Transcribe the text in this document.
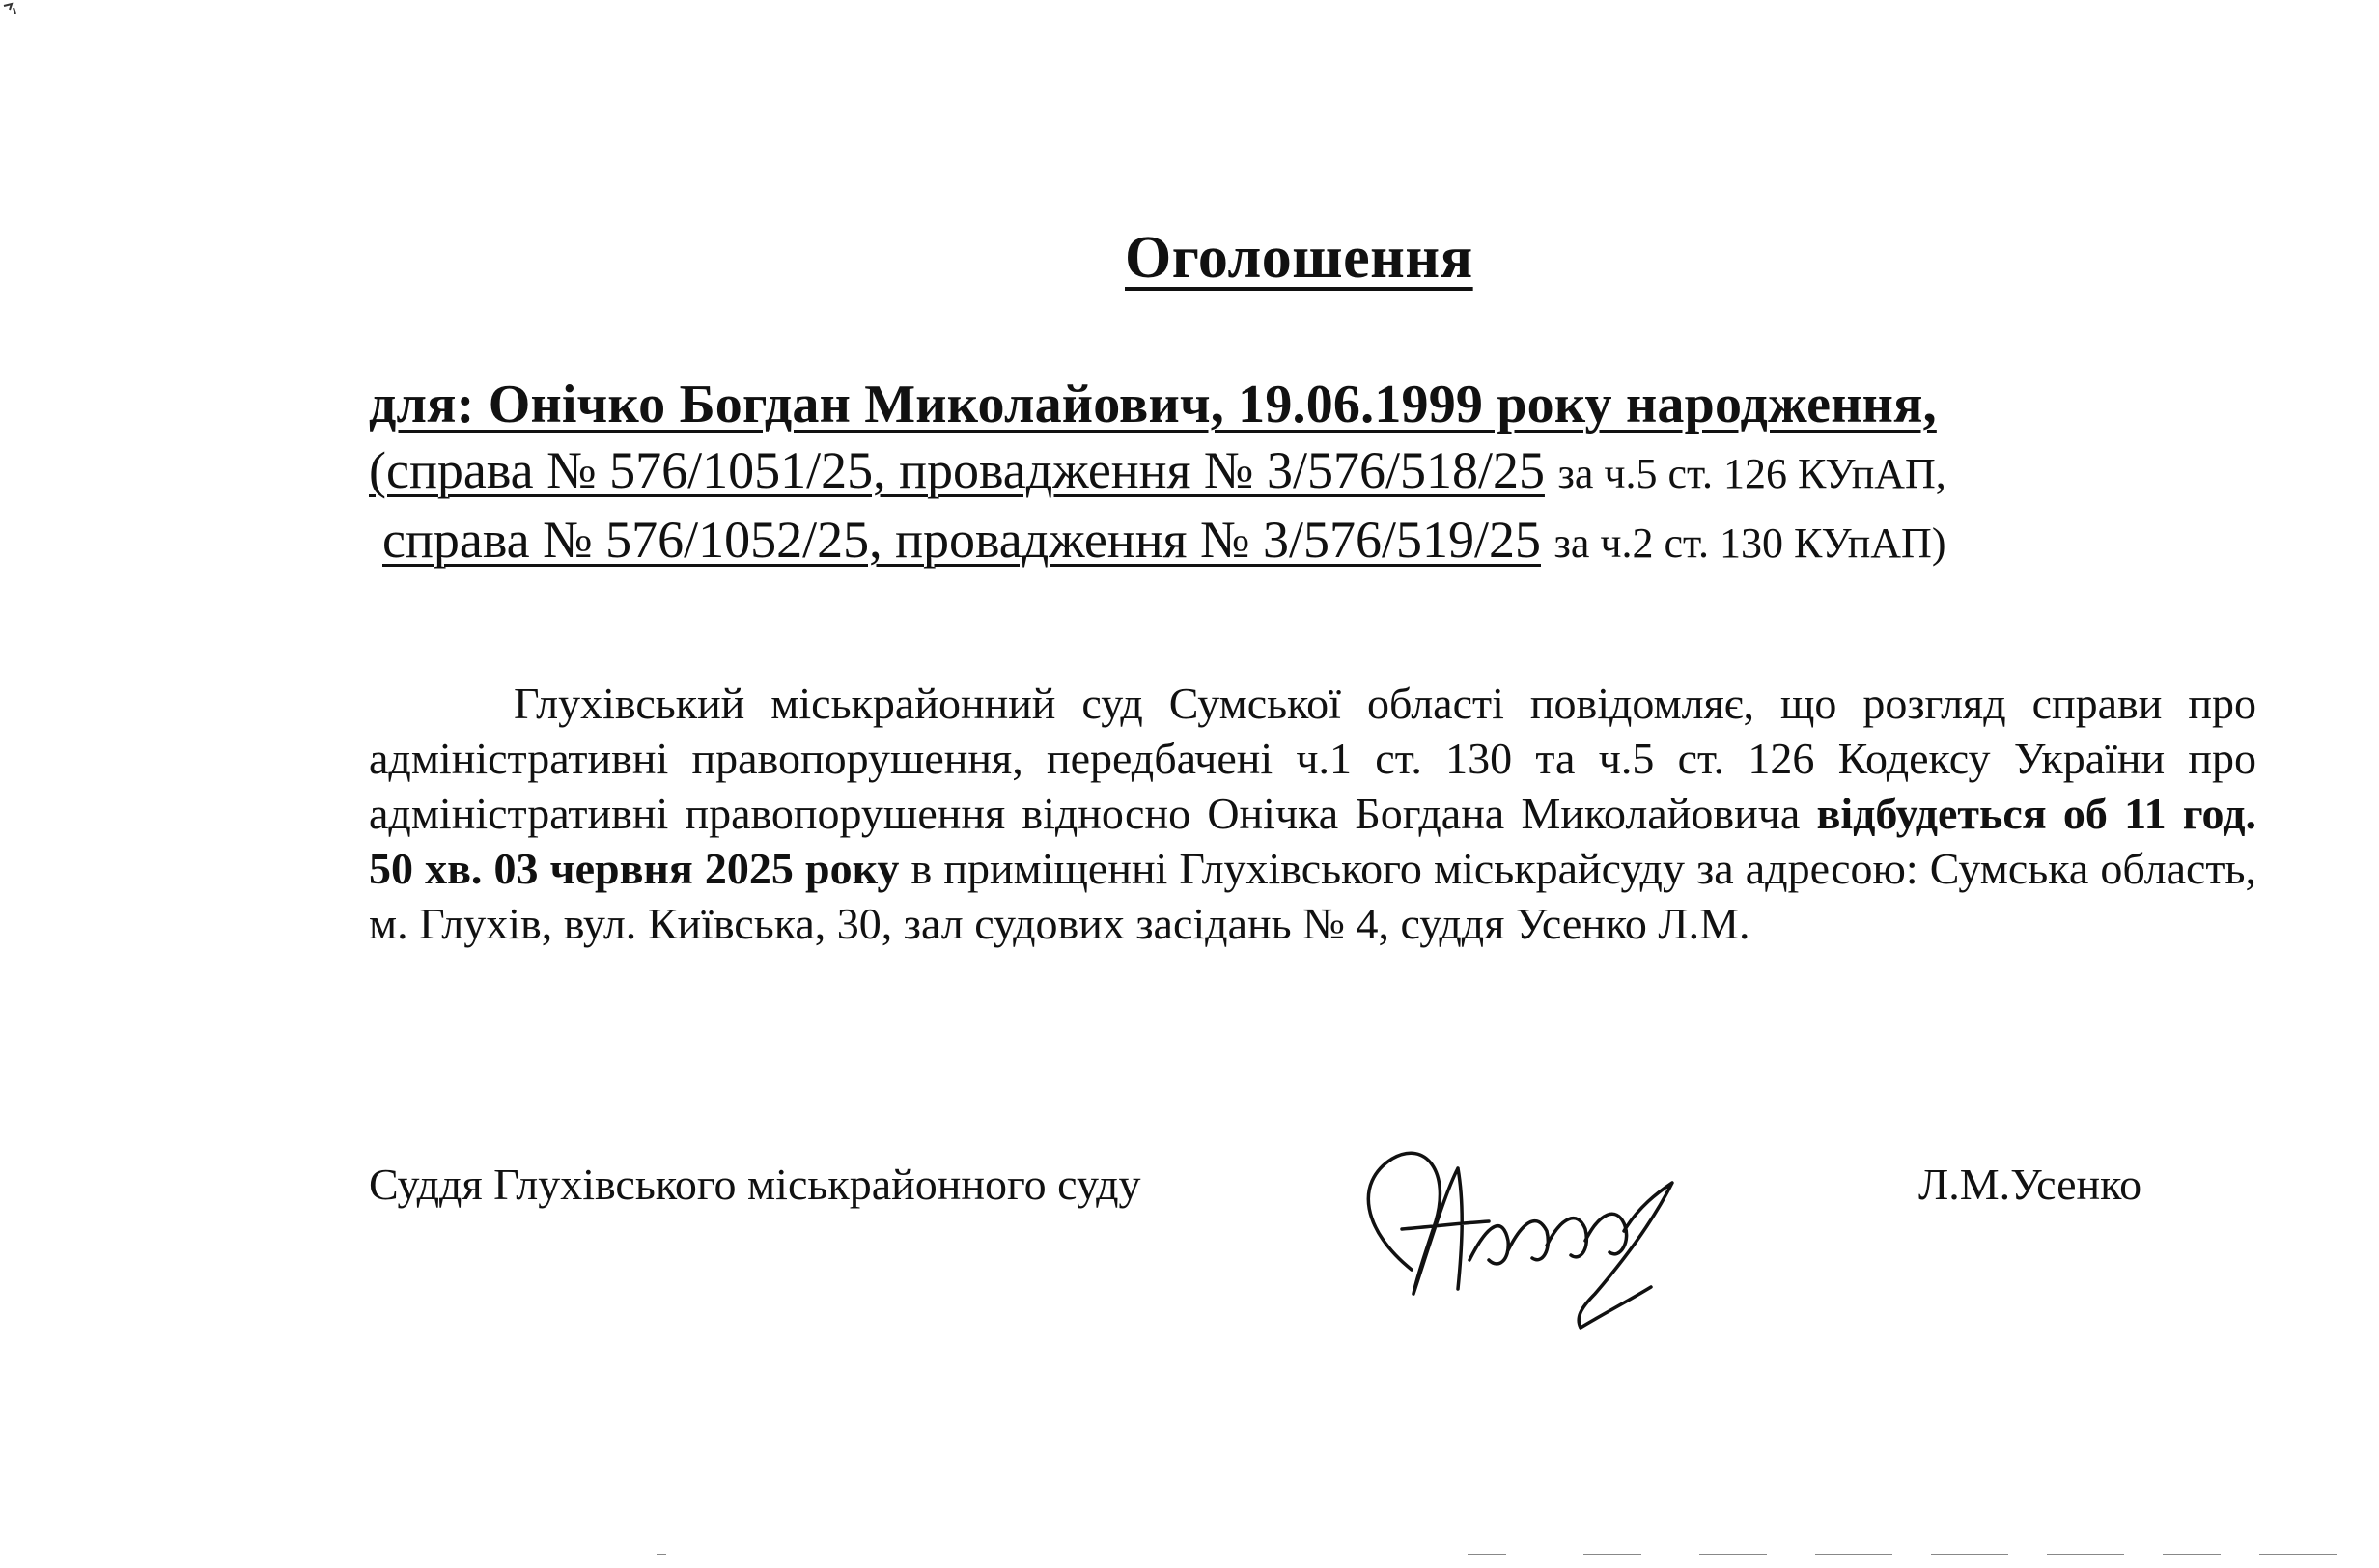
Оголошення
для: Онічко Богдан Миколайович, 19.06.1999 року народження,
(справа № 576/1051/25, провадження № 3/576/518/25 за ч.5 ст. 126 КУпАП,
справа № 576/1052/25, провадження № 3/576/519/25 за ч.2 ст. 130 КУпАП)
Глухівський міськрайонний суд Сумської області повідомляє, що розгляд справи про адміністративні правопорушення, передбачені ч.1 ст. 130 та ч.5 ст. 126 Кодексу України про адміністративні правопорушення відносно Онічка Богдана Миколайовича відбудеться об 11 год. 50 хв. 03 червня 2025 року в приміщенні Глухівського міськрайсуду за адресою: Сумська область, м. Глухів, вул. Київська, 30, зал судових засідань № 4, суддя Усенко Л.М.
Суддя Глухівського міськрайонного суду	Л.М.Усенко
